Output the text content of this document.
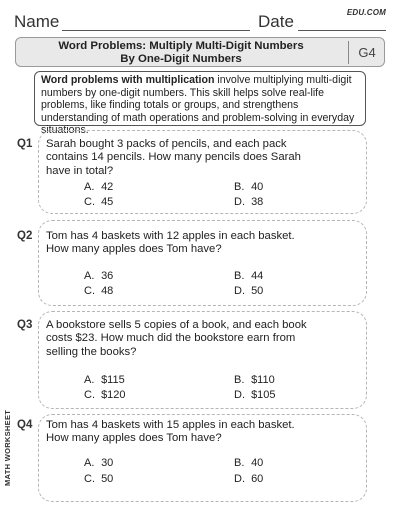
Name	Date	EDU.COM
Word Problems: Multiply Multi-Digit Numbers
By One-Digit Numbers	G4
Word problems with multiplication involve multiplying multi-digit numbers by one-digit numbers. This skill helps solve real-life problems, like finding totals or groups, and strengthens understanding of math operations and problem-solving in everyday situations.
MATH WORKSHEET
Q1 Sarah bought 3 packs of pencils, and each pack contains 14 pencils. How many pencils does Sarah have in total?
A. 42	B. 40
C. 45	D. 38
Q2 Tom has 4 baskets with 12 apples in each basket. How many apples does Tom have?
A. 36	B. 44
C. 48	D. 50
Q3 A bookstore sells 5 copies of a book, and each book costs $23. How much did the bookstore earn from selling the books?
A. $115	B. $110
C. $120	D. $105
Q4 Tom has 4 baskets with 15 apples in each basket. How many apples does Tom have?
A. 30	B. 40
C. 50	D. 60
